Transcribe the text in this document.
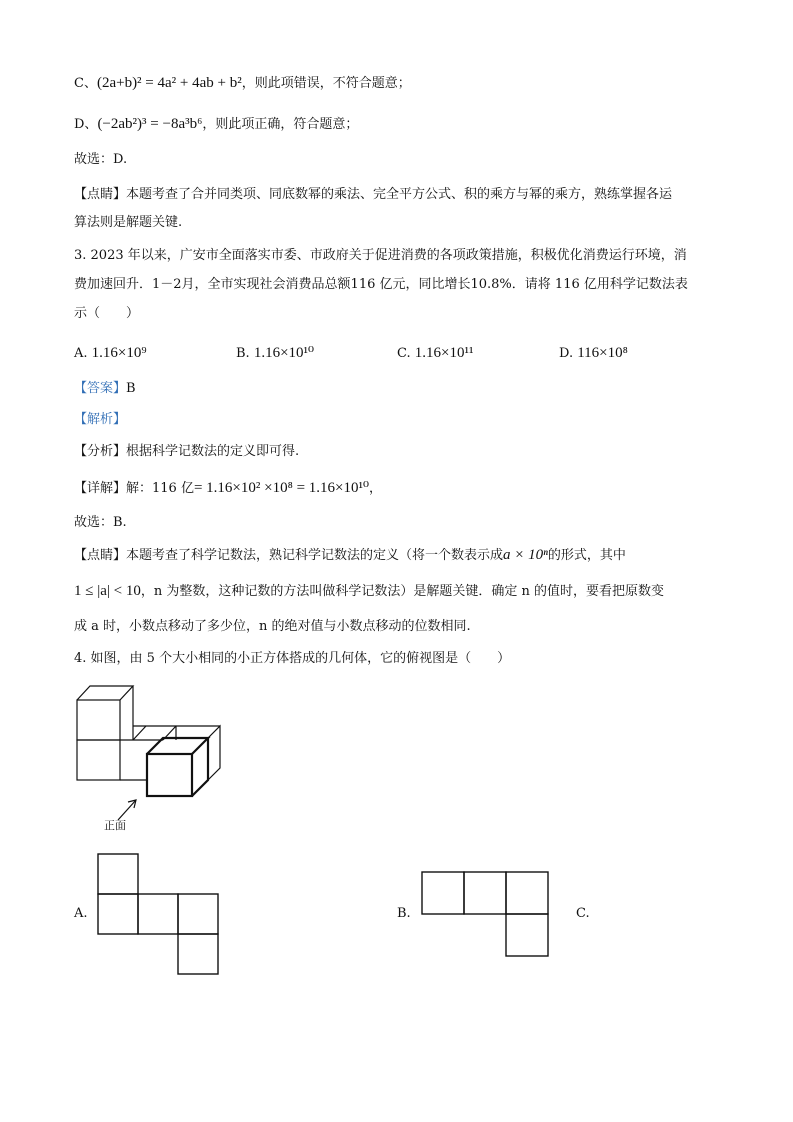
C、(2a+b)² = 4a² + 4ab + b²，则此项错误，不符合题意；
D、(−2ab²)³ = −8a³b⁶，则此项正确，符合题意；
故选：D.
【点睛】本题考查了合并同类项、同底数幂的乘法、完全平方公式、积的乘方与幂的乘方，熟练掌握各运
算法则是解题关键.
3. 2023 年以来，广安市全面落实市委、市政府关于促进消费的各项政策措施，积极优化消费运行环境，消
费加速回升．1－2月，全市实现社会消费品总额116 亿元，同比增长10.8%．请将 116 亿用科学记数法表
示（　　）
A. 1.16×10⁹	B. 1.16×10¹⁰	C. 1.16×10¹¹	D. 116×10⁸
【答案】B
【解析】
【分析】根据科学记数法的定义即可得.
【详解】解：116 亿= 1.16×10² ×10⁸ = 1.16×10¹⁰，
故选：B.
【点睛】本题考查了科学记数法，熟记科学记数法的定义（将一个数表示成a × 10ⁿ的形式，其中
1 ≤ |a| < 10，n 为整数，这种记数的方法叫做科学记数法）是解题关键．确定 n 的值时，要看把原数变
成 a 时，小数点移动了多少位，n 的绝对值与小数点移动的位数相同.
4. 如图，由 5 个大小相同的小正方体搭成的几何体，它的俯视图是（　　）
正面
A.	B.	C.
